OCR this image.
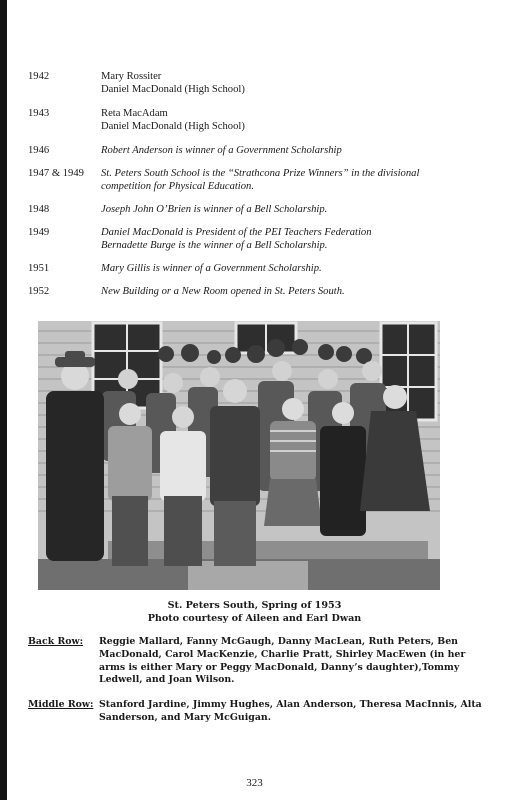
1942	Mary Rossiter
Daniel MacDonald (High School)
1943	Reta MacAdam
Daniel MacDonald (High School)
1946	Robert Anderson is winner of a Government Scholarship
1947 & 1949	St. Peters South School is the “Strathcona Prize Winners” in the divisional
competition for Physical Education.
1948	Joseph John O’Brien is winner of a Bell Scholarship.
1949	Daniel MacDonald is President of the PEI Teachers Federation
Bernadette Burge is the winner of a Bell Scholarship.
1951	Mary Gillis is winner of a Government Scholarship.
1952	New Building or a New Room opened in St. Peters South.
St. Peters South, Spring of 1953
Photo courtesy of Aileen and Earl Dwan
Back Row:	Reggie Mallard, Fanny McGaugh, Danny MacLean, Ruth Peters, Ben MacDonald, Carol MacKenzie, Charlie Pratt, Shirley MacEwen (in her arms is either Mary or Peggy MacDonald, Danny’s daughter),Tommy Ledwell, and Joan Wilson.
Middle Row: Stanford Jardine, Jimmy Hughes, Alan Anderson, Theresa MacInnis, Alta Sanderson, and Mary McGuigan.
323
